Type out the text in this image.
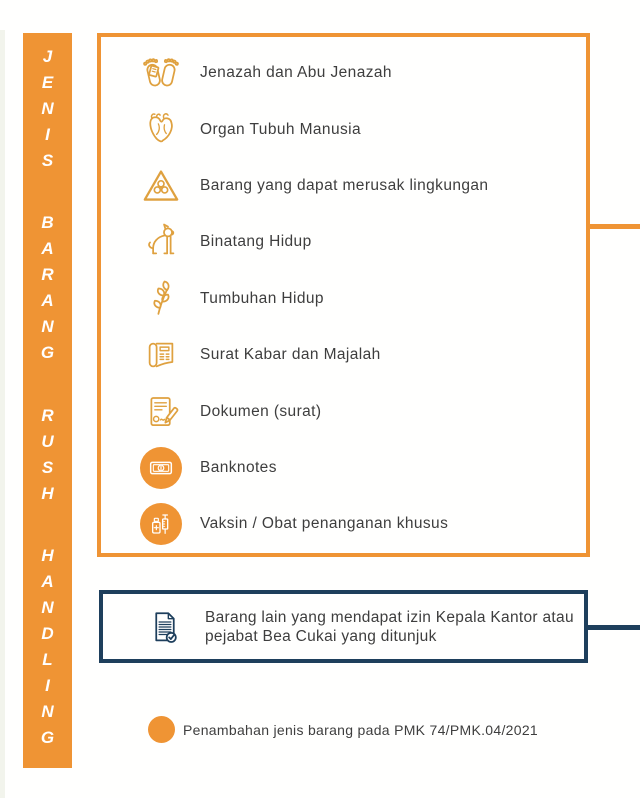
J
E
N
I
S
B
A
R
A
N
G
R
U
S
H
H
A
N
D
L
I
N
G
Jenazah dan Abu Jenazah
Organ Tubuh Manusia
Barang yang dapat merusak lingkungan
Binatang Hidup
Tumbuhan Hidup
Surat Kabar dan Majalah
Dokumen (surat)
Banknotes
Vaksin / Obat penanganan khusus
Barang lain yang mendapat izin Kepala Kantor atau pejabat Bea Cukai yang ditunjuk
Penambahan jenis barang pada PMK 74/PMK.04/2021
